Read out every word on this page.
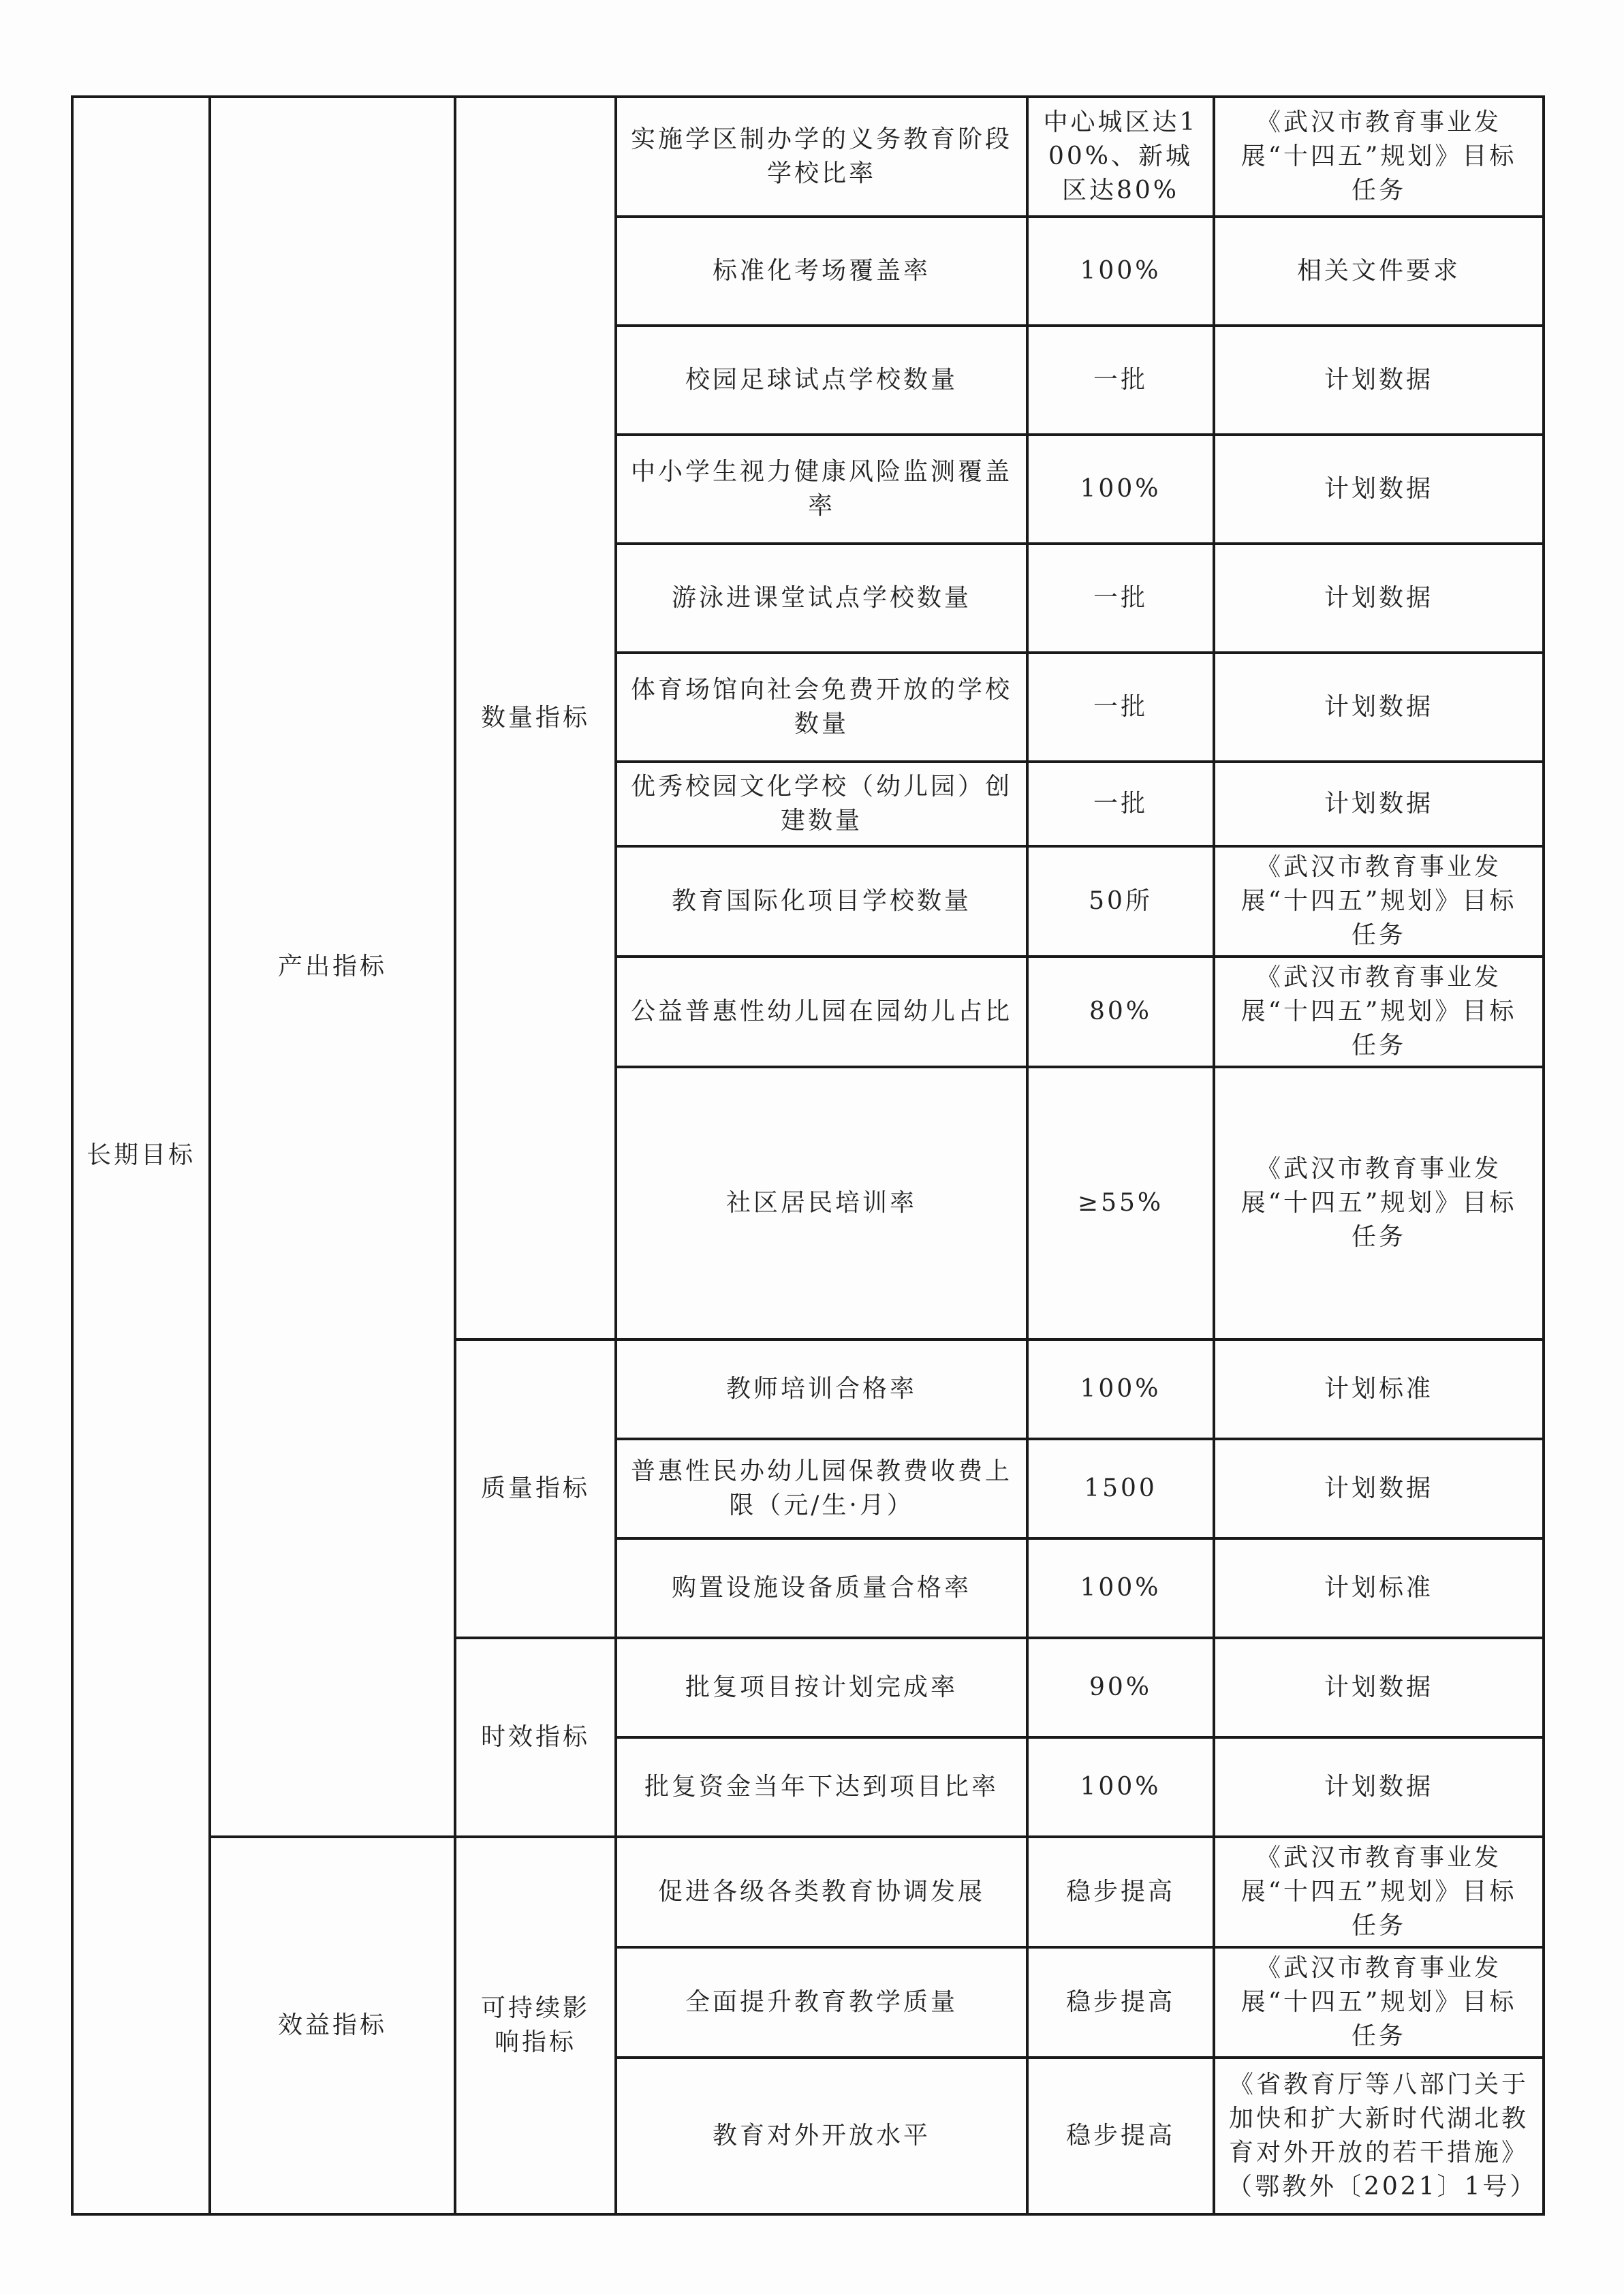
长期目标	产出指标	数量指标	实施学区制办学的义务教育阶段学校比率	中心城区达100%、新城区达80%	《武汉市教育事业发展“十四五”规划》目标任务
			标准化考场覆盖率	100%	相关文件要求
			校园足球试点学校数量	一批	计划数据
			中小学生视力健康风险监测覆盖率	100%	计划数据
			游泳进课堂试点学校数量	一批	计划数据
			体育场馆向社会免费开放的学校数量	一批	计划数据
			优秀校园文化学校（幼儿园）创建数量	一批	计划数据
			教育国际化项目学校数量	50所	《武汉市教育事业发展“十四五”规划》目标任务
			公益普惠性幼儿园在园幼儿占比	80%	《武汉市教育事业发展“十四五”规划》目标任务
			社区居民培训率	≥55%	《武汉市教育事业发展“十四五”规划》目标任务
		质量指标	教师培训合格率	100%	计划标准
			普惠性民办幼儿园保教费收费上限（元/生·月）	1500	计划数据
			购置设施设备质量合格率	100%	计划标准
		时效指标	批复项目按计划完成率	90%	计划数据
			批复资金当年下达到项目比率	100%	计划数据
	效益指标	可持续影响指标	促进各级各类教育协调发展	稳步提高	《武汉市教育事业发展“十四五”规划》目标任务
			全面提升教育教学质量	稳步提高	《武汉市教育事业发展“十四五”规划》目标任务
			教育对外开放水平	稳步提高	《省教育厅等八部门关于加快和扩大新时代湖北教育对外开放的若干措施》（鄂教外〔2021〕1号）
